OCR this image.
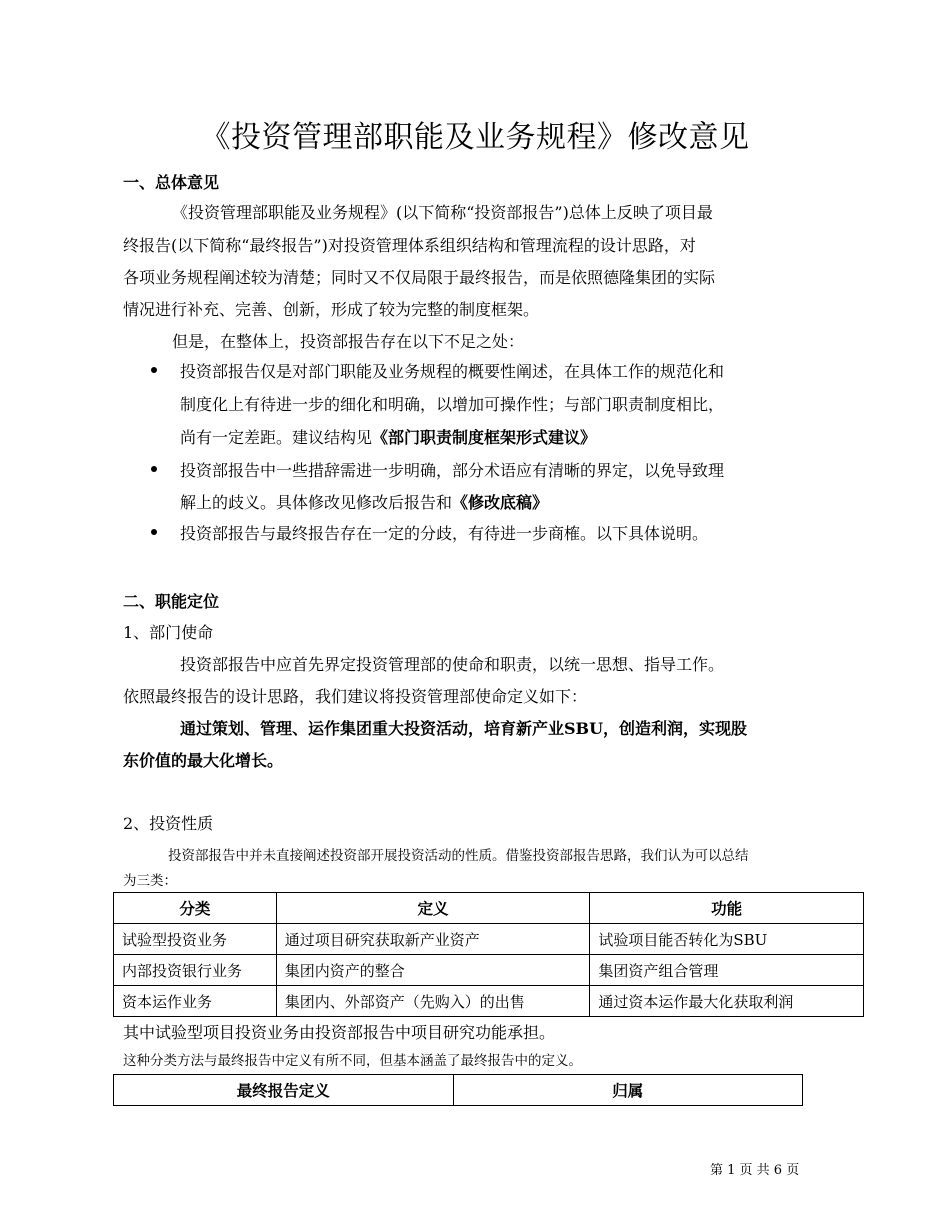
《投资管理部职能及业务规程》修改意见
一、总体意见
《投资管理部职能及业务规程》(以下简称“投资部报告”)总体上反映了项目最
终报告(以下简称“最终报告”)对投资管理体系组织结构和管理流程的设计思路，对
各项业务规程阐述较为清楚；同时又不仅局限于最终报告，而是依照德隆集团的实际
情况进行补充、完善、创新，形成了较为完整的制度框架。
但是，在整体上，投资部报告存在以下不足之处：
投资部报告仅是对部门职能及业务规程的概要性阐述，在具体工作的规范化和
制度化上有待进一步的细化和明确，以增加可操作性；与部门职责制度相比，
尚有一定差距。建议结构见《部门职责制度框架形式建议》
投资部报告中一些措辞需进一步明确，部分术语应有清晰的界定，以免导致理
解上的歧义。具体修改见修改后报告和《修改底稿》
投资部报告与最终报告存在一定的分歧，有待进一步商榷。以下具体说明。
二、职能定位
1、部门使命
投资部报告中应首先界定投资管理部的使命和职责，以统一思想、指导工作。
依照最终报告的设计思路，我们建议将投资管理部使命定义如下：
通过策划、管理、运作集团重大投资活动，培育新产业SBU，创造利润，实现股
东价值的最大化增长。
2、投资性质
投资部报告中并未直接阐述投资部开展投资活动的性质。借鉴投资部报告思路，我们认为可以总结
为三类：
分类	定义	功能
试验型投资业务	通过项目研究获取新产业资产	试验项目能否转化为SBU
内部投资银行业务	集团内资产的整合	集团资产组合管理
资本运作业务	集团内、外部资产（先购入）的出售	通过资本运作最大化获取利润
其中试验型项目投资业务由投资部报告中项目研究功能承担。
这种分类方法与最终报告中定义有所不同，但基本涵盖了最终报告中的定义。
最终报告定义	归属
第 1 页 共 6 页
